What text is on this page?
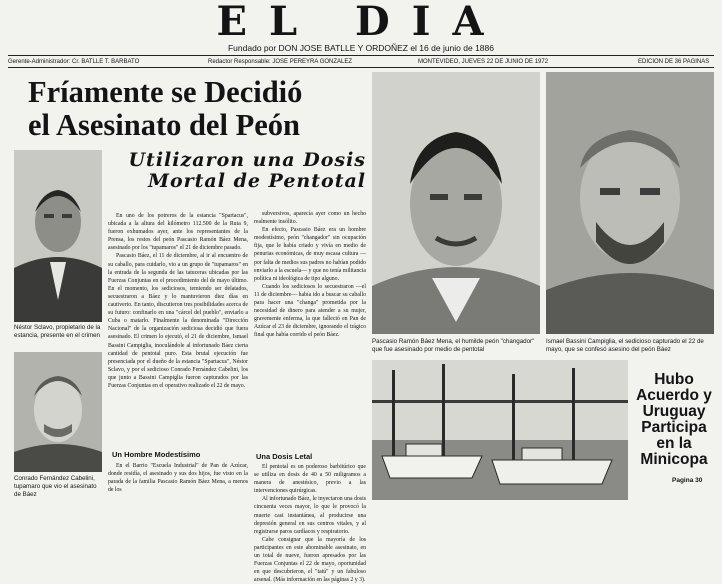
EL DIA
Fundado por DON JOSE BATLLE Y ORDOÑEZ el 16 de junio de 1886
Gerente-Administrador: Cr. BATLLE T. BARBATO	Redactor Responsable: JOSE PEREYRA GONZALEZ	MONTEVIDEO, JUEVES 22 DE JUNIO DE 1972	EDICION DE 36 PAGINAS
Fríamente se Decidió
el Asesinato del Peón
Utilizaron una Dosis
Mortal de Pentotal
Néstor Sclavo, propietario de la estancia, presente en el crimen
Conrado Fernández Cabelini, tupamaro que vio el asesinato de Báez

En uno de los potreros de la estancia "Spartacus", ubicada a la altura del kilómetro 112.500 de la Ruta 9, fueron exhumados ayer, ante los representantes de la Prensa, los restos del peón Pascasio Ramón Báez Mena, asesinado por los "tupamaros" el 21 de diciembre pasado.

Pascasio Báez, el 11 de diciembre, al ir al encuentro de su caballo, para cuidarlo, vio a un grupo de "tupamaros" en la entrada de la segunda de las tatuceras ubicadas por las Fuerzas Conjuntas en el procedimiento del de mayo último. En el momento, los sediciosos, temiendo ser delatados, secuestraron a Báez y lo mantuvieron diez días en cautiverio. En tanto, discutieron tres posibilidades acerca de su futuro: confinarlo en una "cárcel del pueblo", enviarlo a Cuba o matarlo. Finalmente la denominada "Dirección Nacional" de la organización sediciosa decidió que fuera asesinado. El crimen lo ejecutó, el 21 de diciembre, Ismael Bassini Campiglia, inoculándole al infortunado Báez cierta cantidad de pentotal puro. Esta brutal ejecución fue presenciada por el dueño de la estancia "Spartacus", Néstor Sclavo, y por el sedicioso Conrado Fernández Cabelini, los que junto a Bassini Campiglia fueron capturados por las Fuerzas Conjuntas en el operativo realizado el 22 de mayo.

Un Hombre Modestísimo

En el Barrio "Escuela Industrial" de Pan de Azúcar, donde residía, el asesinado y sus dos hijos, fue visto en la parada de la familia Pascasio Ramón Báez Mena, a menos de los

subversivos, aparecía ayer como un hecho realmente insólito.

En efecto, Pascasio Báez era un hombre modestísimo, peón "changador" sin ocupación fija, que le había criado y vivía en medio de penurias económicas, de muy escasa cultura —por falta de medios sus padres no habían podido enviarlo a la escuela— y que no tenía militancia política ni ideológica de tipo alguno.

Cuando los sediciosos lo secuestraron —el 11 de diciembre— había ido a buscar su caballo para hacer una "changa" prometida por la necesidad de dinero para atender a su mujer, gravemente enferma, la que falleció en Pan de Azúcar el 23 de diciembre, ignorando el trágico final que había corrido el peón Báez.

Una Dosis Letal

El pentotal es un poderoso barbitúrico que se utiliza en dosis de 40 a 50 miligramos a manera de anestésico, previo a las intervenciones quirúrgicas.

Al infortunado Báez, le inyectaron una dosis cincuenta veces mayor, lo que le provocó la muerte casi instantánea, al producirse una depresión general en sus centros vitales, y al registrarse paros cardíacos y respiratorio.

Cabe consignar que la mayoría de los participantes en este abominable asesinato, en un total de nueve, fueron apresados por las Fuerzas Conjuntas el 22 de mayo, oportunidad en que descubrieron, el "tatú" y un fabuloso arsenal. (Más información en las páginas 2 y 3).

Pascasio Ramón Báez Mena, el humilde peón "changador" que fue asesinado por medio de pentotal
Ismael Bassini Campiglia, el sedicioso capturado el 22 de mayo, que se confesó asesino del peón Báez
Hubo
Acuerdo y
Uruguay
Participa
en la
Minicopa
Pagina 30
